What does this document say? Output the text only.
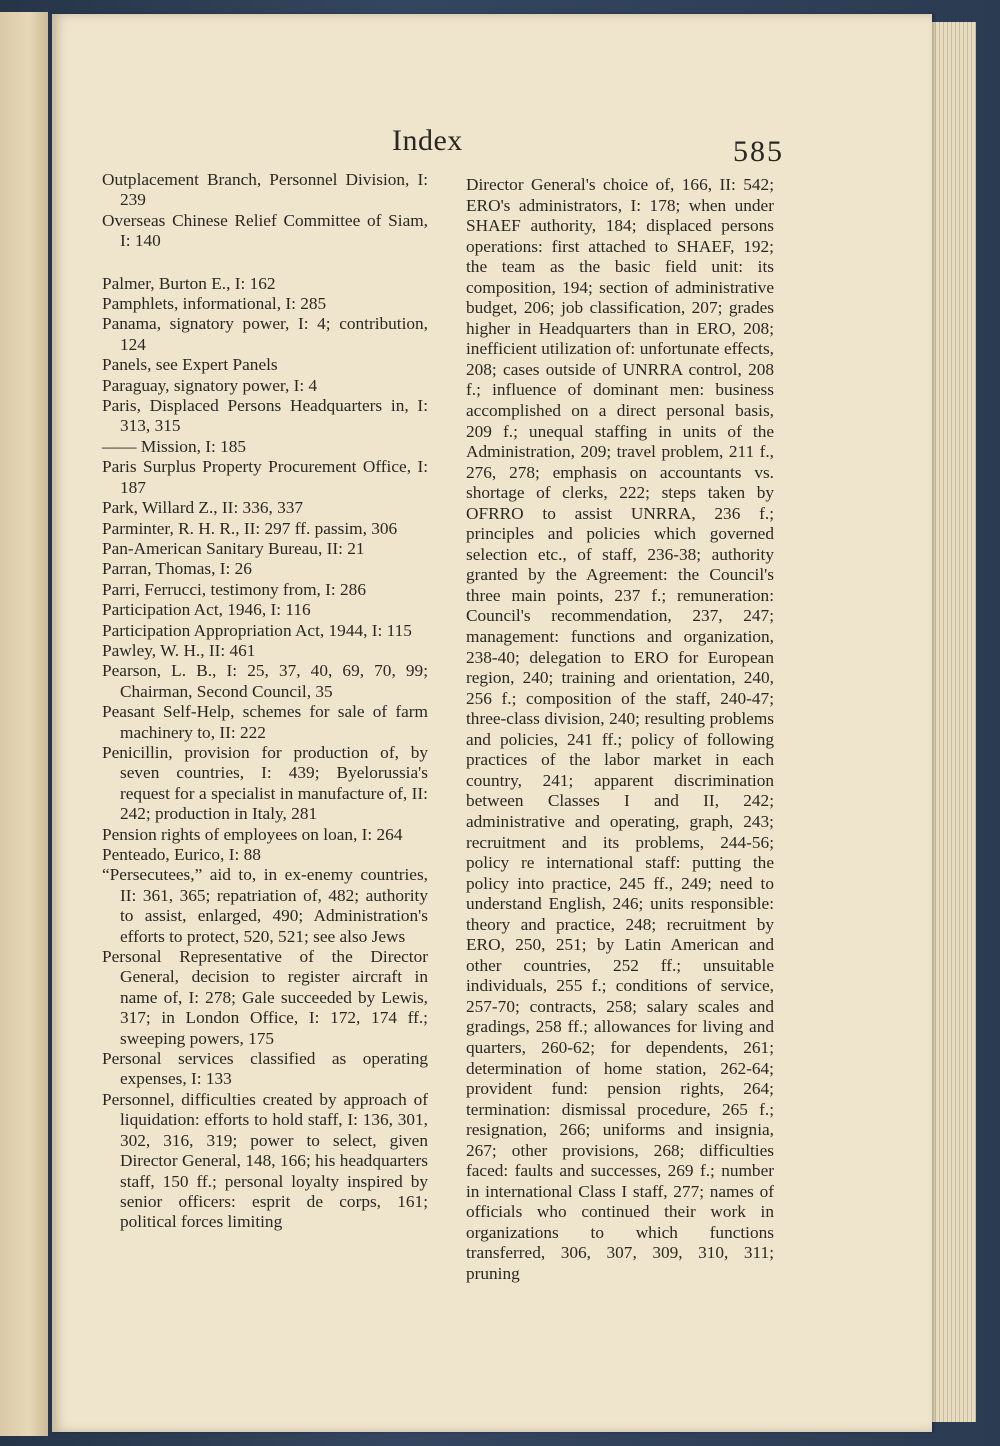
Index	585

Outplacement Branch, Personnel Division, I: 239

Overseas Chinese Relief Committee of Siam, I: 140

Palmer, Burton E., I: 162

Pamphlets, informational, I: 285

Panama, signatory power, I: 4; contribution, 124

Panels, see Expert Panels

Paraguay, signatory power, I: 4

Paris, Displaced Persons Headquarters in, I: 313, 315

—— Mission, I: 185

Paris Surplus Property Procurement Office, I: 187

Park, Willard Z., II: 336, 337

Parminter, R. H. R., II: 297 ff. passim, 306

Pan-American Sanitary Bureau, II: 21

Parran, Thomas, I: 26

Parri, Ferrucci, testimony from, I: 286

Participation Act, 1946, I: 116

Participation Appropriation Act, 1944, I: 115

Pawley, W. H., II: 461

Pearson, L. B., I: 25, 37, 40, 69, 70, 99; Chairman, Second Council, 35

Peasant Self-Help, schemes for sale of farm machinery to, II: 222

Penicillin, provision for production of, by seven countries, I: 439; Byelorussia's request for a specialist in manufacture of, II: 242; production in Italy, 281

Pension rights of employees on loan, I: 264

Penteado, Eurico, I: 88

“Persecutees,” aid to, in ex-enemy countries, II: 361, 365; repatriation of, 482; authority to assist, enlarged, 490; Administration's efforts to protect, 520, 521; see also Jews

Personal Representative of the Director General, decision to register aircraft in name of, I: 278; Gale succeeded by Lewis, 317; in London Office, I: 172, 174 ff.; sweeping powers, 175

Personal services classified as operating expenses, I: 133

Personnel, difficulties created by approach of liquidation: efforts to hold staff, I: 136, 301, 302, 316, 319; power to select, given Director General, 148, 166; his headquarters staff, 150 ff.; personal loyalty inspired by senior officers: esprit de corps, 161; political forces limiting

Director General's choice of, 166, II: 542; ERO's administrators, I: 178; when under SHAEF authority, 184; displaced persons operations: first attached to SHAEF, 192; the team as the basic field unit: its composition, 194; section of administrative budget, 206; job classification, 207; grades higher in Headquarters than in ERO, 208; inefficient utilization of: unfortunate effects, 208; cases outside of UNRRA control, 208 f.; influence of dominant men: business accomplished on a direct personal basis, 209 f.; unequal staffing in units of the Administration, 209; travel problem, 211 f., 276, 278; emphasis on accountants vs. shortage of clerks, 222; steps taken by OFRRO to assist UNRRA, 236 f.; principles and policies which governed selection etc., of staff, 236-38; authority granted by the Agreement: the Council's three main points, 237 f.; remuneration: Council's recommendation, 237, 247; management: functions and organization, 238-40; delegation to ERO for European region, 240; training and orientation, 240, 256 f.; composition of the staff, 240-47; three-class division, 240; resulting problems and policies, 241 ff.; policy of following practices of the labor market in each country, 241; apparent discrimination between Classes I and II, 242; administrative and operating, graph, 243; recruitment and its problems, 244-56; policy re international staff: putting the policy into practice, 245 ff., 249; need to understand English, 246; units responsible: theory and practice, 248; recruitment by ERO, 250, 251; by Latin American and other countries, 252 ff.; unsuitable individuals, 255 f.; conditions of service, 257-70; contracts, 258; salary scales and gradings, 258 ff.; allowances for living and quarters, 260-62; for dependents, 261; determination of home station, 262-64; provident fund: pension rights, 264; termination: dismissal procedure, 265 f.; resignation, 266; uniforms and insignia, 267; other provisions, 268; difficulties faced: faults and successes, 269 f.; number in international Class I staff, 277; names of officials who continued their work in organizations to which functions transferred, 306, 307, 309, 310, 311; pruning
